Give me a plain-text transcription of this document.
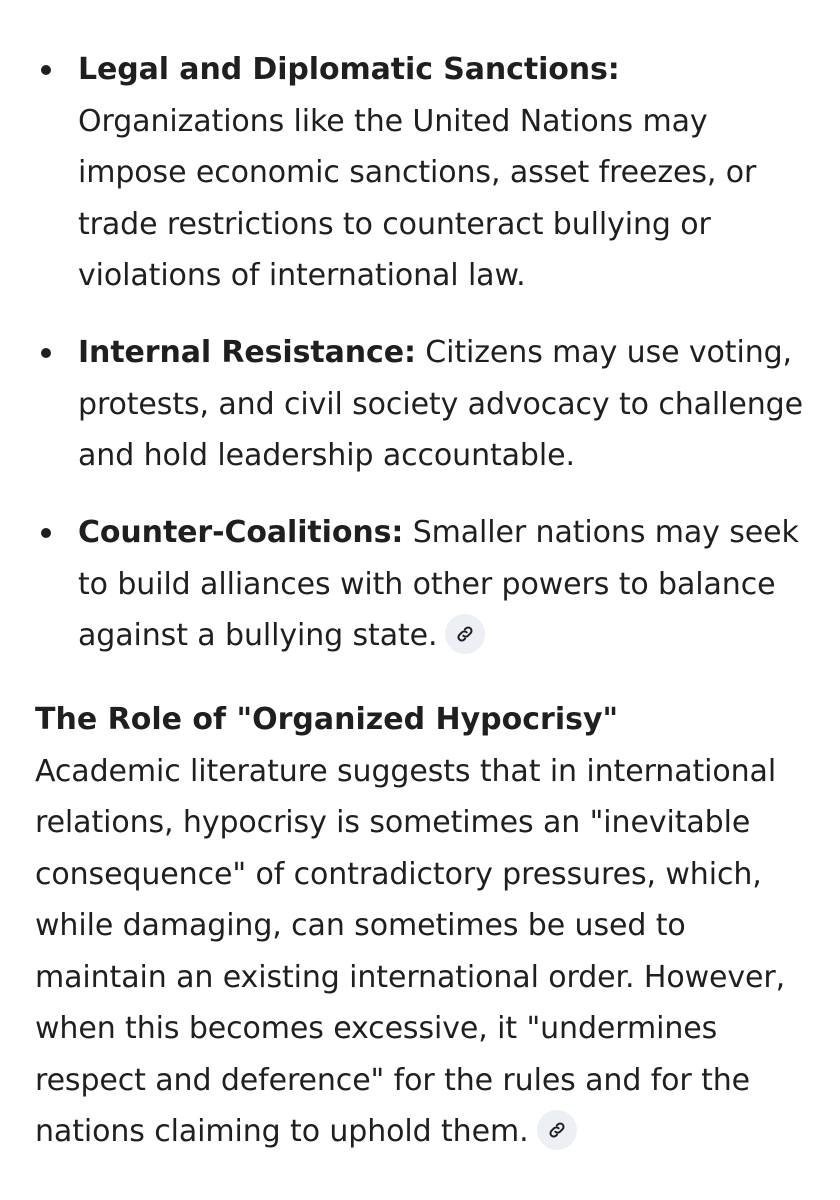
Legal and Diplomatic Sanctions:
Organizations like the United Nations may impose economic sanctions, asset freezes, or trade restrictions to counteract bullying or violations of international law.
Internal Resistance: Citizens may use voting, protests, and civil society advocacy to challenge and hold leadership accountable.
Counter-Coalitions: Smaller nations may seek to build alliances with other powers to balance against a bullying state.

The Role of "Organized Hypocrisy"

Academic literature suggests that in international relations, hypocrisy is sometimes an "inevitable consequence" of contradictory pressures, which, while damaging, can sometimes be used to maintain an existing international order. However, when this becomes excessive, it "undermines respect and deference" for the rules and for the nations claiming to uphold them.
